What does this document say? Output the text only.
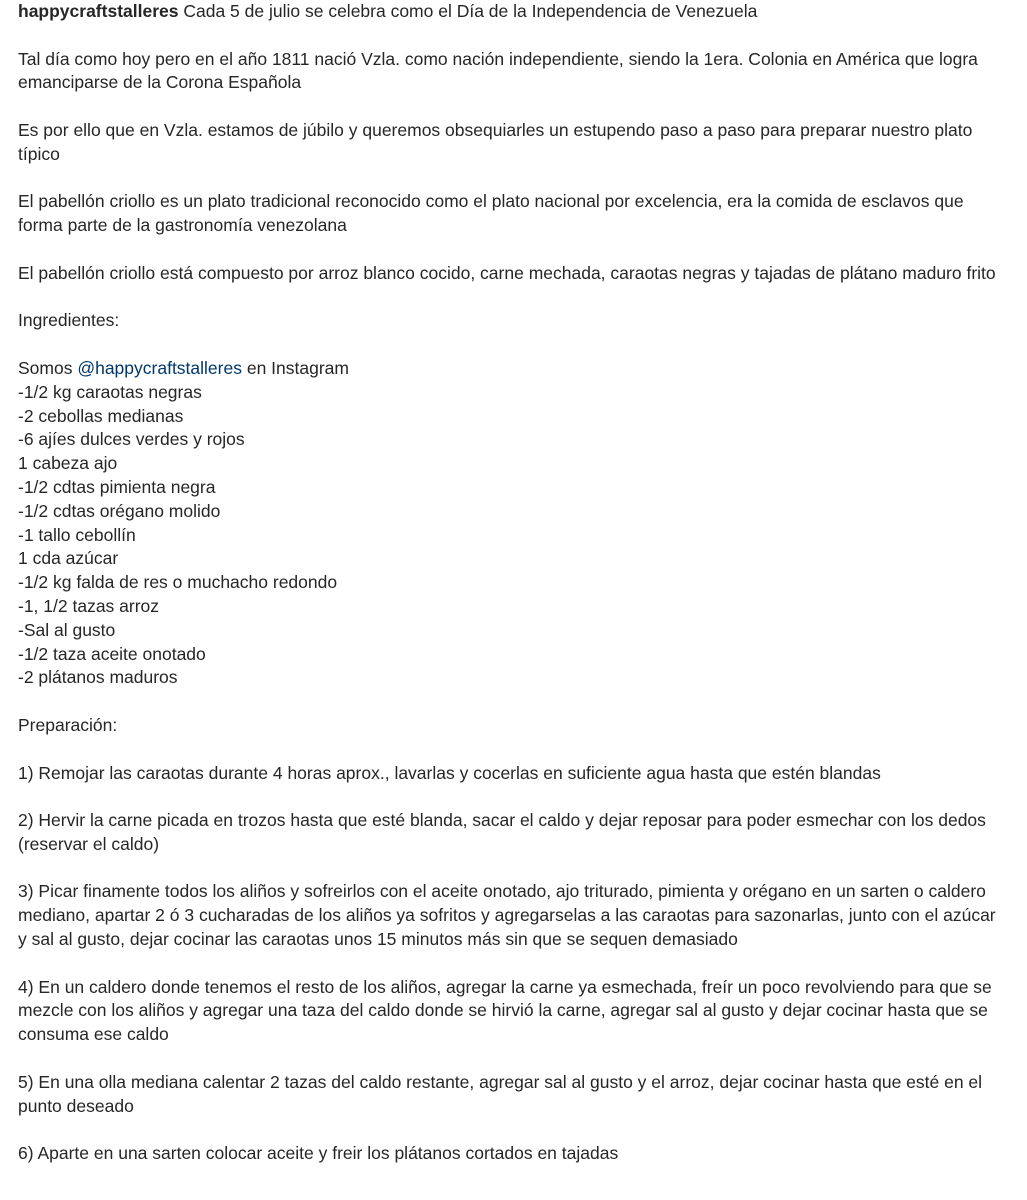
happycraftstalleres Cada 5 de julio se celebra como el Día de la Independencia de Venezuela

Tal día como hoy pero en el año 1811 nació Vzla. como nación independiente, siendo la 1era. Colonia en América que logra emanciparse de la Corona Española

Es por ello que en Vzla. estamos de júbilo y queremos obsequiarles un estupendo paso a paso para preparar nuestro plato típico

El pabellón criollo es un plato tradicional reconocido como el plato nacional por excelencia, era la comida de esclavos que forma parte de la gastronomía venezolana

El pabellón criollo está compuesto por arroz blanco cocido, carne mechada, caraotas negras y tajadas de plátano maduro frito

Ingredientes:

Somos @happycraftstalleres en Instagram

-1/2 kg caraotas negras

-2 cebollas medianas

-6 ajíes dulces verdes y rojos

1 cabeza ajo

-1/2 cdtas pimienta negra

-1/2 cdtas orégano molido

-1 tallo cebollín

1 cda azúcar

-1/2 kg falda de res o muchacho redondo

-1, 1/2 tazas arroz

-Sal al gusto

-1/2 taza aceite onotado

-2 plátanos maduros

Preparación:

1) Remojar las caraotas durante 4 horas aprox., lavarlas y cocerlas en suficiente agua hasta que estén blandas

2) Hervir la carne picada en trozos hasta que esté blanda, sacar el caldo y dejar reposar para poder esmechar con los dedos (reservar el caldo)

3) Picar finamente todos los aliños y sofreirlos con el aceite onotado, ajo triturado, pimienta y orégano en un sarten o caldero mediano, apartar 2 ó 3 cucharadas de los aliños ya sofritos y agregarselas a las caraotas para sazonarlas, junto con el azúcar y sal al gusto, dejar cocinar las caraotas unos 15 minutos más sin que se sequen demasiado

4) En un caldero donde tenemos el resto de los aliños, agregar la carne ya esmechada, freír un poco revolviendo para que se mezcle con los aliños y agregar una taza del caldo donde se hirvió la carne, agregar sal al gusto y dejar cocinar hasta que se consuma ese caldo

5) En una olla mediana calentar 2 tazas del caldo restante, agregar sal al gusto y el arroz, dejar cocinar hasta que esté en el punto deseado

6) Aparte en una sarten colocar aceite y freir los plátanos cortados en tajadas
